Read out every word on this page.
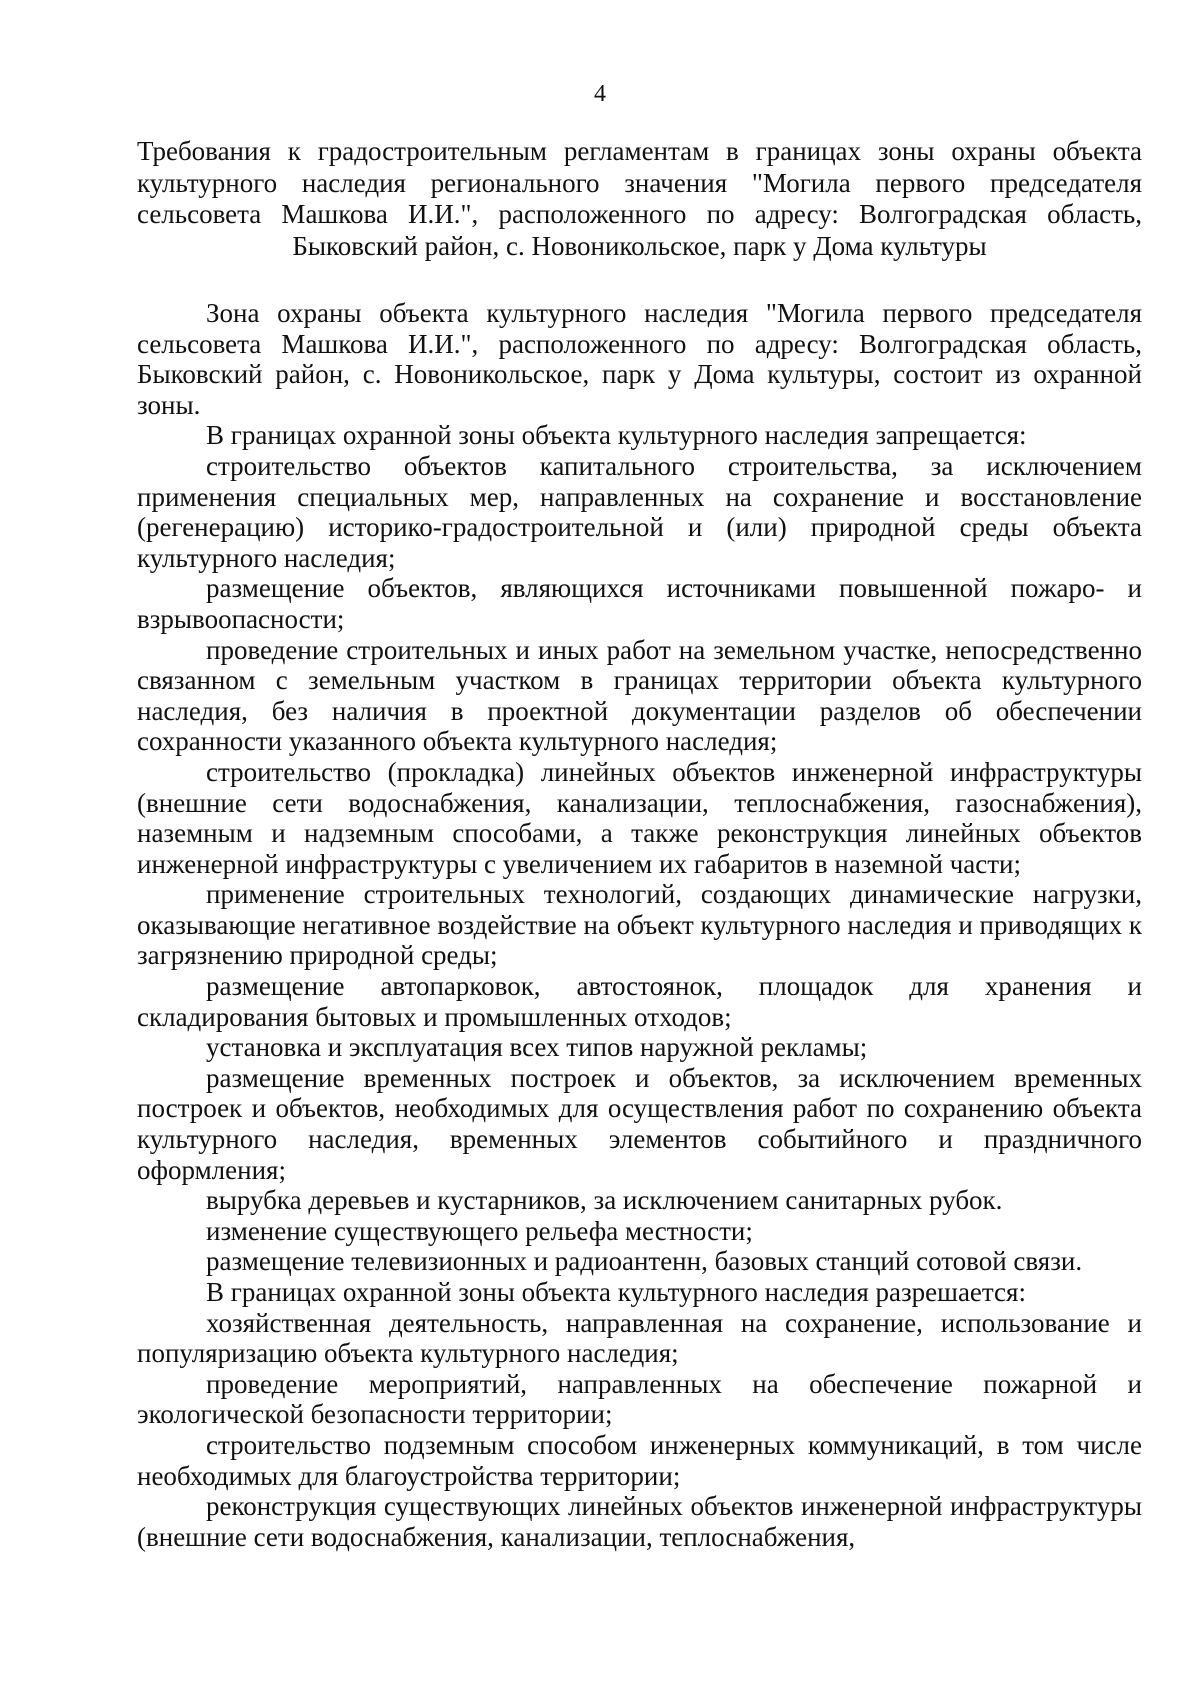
4
Требования к градостроительным регламентам в границах зоны охраны объекта культурного наследия регионального значения "Могила первого председателя сельсовета Машкова И.И.", расположенного по адресу: Волгоградская область, Быковский район, с. Новоникольское, парк у Дома культуры

Зона охраны объекта культурного наследия "Могила первого председателя сельсовета Машкова И.И.", расположенного по адресу: Волгоградская область, Быковский район, с. Новоникольское, парк у Дома культуры, состоит из охранной зоны.

В границах охранной зоны объекта культурного наследия запрещается:

строительство объектов капитального строительства, за исключением применения специальных мер, направленных на сохранение и восстановление (регенерацию) историко-градостроительной и (или) природной среды объекта культурного наследия;

размещение объектов, являющихся источниками повышенной пожаро- и взрывоопасности;

проведение строительных и иных работ на земельном участке, непосредственно связанном с земельным участком в границах территории объекта культурного наследия, без наличия в проектной документации разделов об обеспечении сохранности указанного объекта культурного наследия;

строительство (прокладка) линейных объектов инженерной инфраструктуры (внешние сети водоснабжения, канализации, теплоснабжения, газоснабжения), наземным и надземным способами, а также реконструкция линейных объектов инженерной инфраструктуры с увеличением их габаритов в наземной части;

применение строительных технологий, создающих динамические нагрузки, оказывающие негативное воздействие на объект культурного наследия и приводящих к загрязнению природной среды;

размещение автопарковок, автостоянок, площадок для хранения и складирования бытовых и промышленных отходов;

установка и эксплуатация всех типов наружной рекламы;

размещение временных построек и объектов, за исключением временных построек и объектов, необходимых для осуществления работ по сохранению объекта культурного наследия, временных элементов событийного и праздничного оформления;

вырубка деревьев и кустарников, за исключением санитарных рубок.

изменение существующего рельефа местности;

размещение телевизионных и радиоантенн, базовых станций сотовой связи.

В границах охранной зоны объекта культурного наследия разрешается:

хозяйственная деятельность, направленная на сохранение, использование и популяризацию объекта культурного наследия;

проведение мероприятий, направленных на обеспечение пожарной и экологической безопасности территории;

строительство подземным способом инженерных коммуникаций, в том числе необходимых для благоустройства территории;

реконструкция существующих линейных объектов инженерной инфраструктуры (внешние сети водоснабжения, канализации, теплоснабжения,
